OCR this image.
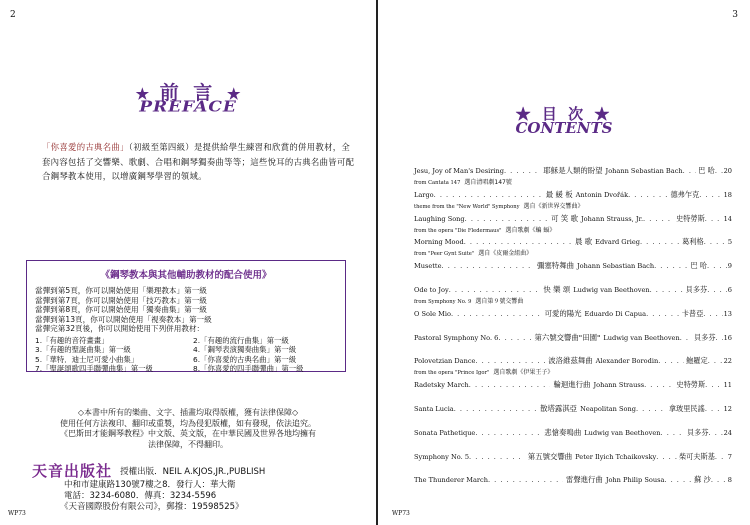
2
★ 前 言 ★
PREFACE
「你喜愛的古典名曲」（初級至第四級）是提供給學生練習和欣賞的併用教材，全
套內容包括了交響樂、歌劇、合唱和鋼琴獨奏曲等等；這些悅耳的古典名曲皆可配
合鋼琴教本使用，以增廣鋼琴學習的領域。
《鋼琴教本與其他輔助教材的配合使用》
當彈到第5頁，你可以開始使用「樂理教本」第一級
當彈到第7頁，你可以開始使用「技巧教本」第一級
當彈到第8頁，你可以開始使用「獨奏曲集」第一級
當彈到第13頁，你可以開始使用「視奏教本」第一級
當彈完第32頁後，你可以開始使用下列併用教材：
1.「有趣的音符畫畫」	2.「有趣的流行曲集」第一級
3.「有趣的聖誕曲集」第一級	4.「鋼琴表演獨奏曲集」第一級
5.「華特．迪士尼可愛小曲集」	6.「你喜愛的古典名曲」第一級
7.「聖誕頌歌四手聯彈曲集」第一級	8.「你喜愛的四手聯彈曲」第一級
◇本書中所有的樂曲、文字、插畫均取得版權，獲有法律保障◇
使用任何方法複印、翻印或重製，均為侵犯版權，如有發現，依法追究。
《巴斯田才能鋼琴教程》中文版、英文版，在中華民國及世界各地均擁有
法律保障，不得翻印。
天音出版社 授權出版．NEIL A.KJOS,JR.,PUBLISH
中和市建康路130號7樓之8．發行人：華大衛
電話：3234-6080．傳真：3234-5596
《天音國際股份有限公司》，郵撥：19598525》
WP73
3
★ 目 次 ★
CONTENTS
Jesu, Joy of Man's Desiring . . .	耶穌是人類的盼望 Johann Sebastian Bach . . . 巴 哈 . . . 20
from Cantata 147 選自清唱劇147號
Largo . . .	最 緩 板 Antonin Dvořák . . .	德弗乍克 . . .	18
theme from the "New World" Symphony 選自《新世界交響曲》
Laughing Song . . .	可 笑 歌 Johann Strauss, Jr. . . .	史特勞斯 . . .	14
from the opera "Die Fledermaus" 選自歌劇《蝙 蝠》
Morning Mood . . .	晨 歌 Edvard Grieg . . .	葛利格 . . .	5
from "Peer Gynt Suite" 選自《皮爾金組曲》
Musette . . .	彌塞特舞曲 Johann Sebastian Bach . . .	巴 哈 . . .	9
Ode to Joy . . .	快 樂 頌 Ludwig van Beethoven . . .	貝多芬 . . .	6
from Symphony No. 9 選自第９號交響曲
O Sole Mio . . .	可愛的陽光 Eduardo Di Capua . . .	卡普亞 . . .	13
Pastoral Symphony No. 6 . . .	第六號交響曲"田園" Ludwig van Beethoven . . . 貝多芬 . . . 16
Polovetzian Dance . . .	波洛維茲舞曲 Alexander Borodin . . .	鮑羅定 . . . 22
from the opera "Prince Igor" 選自歌劇《伊果王子》
Radetsky March . . .	輪迴進行曲 Johann Strauss . . .	史特勞斯 . . .	11
Santa Lucia . . .	散塔露淇亞 Neapolitan Song . . .	拿玻里民謠 . . .	12
Sonata Pathetique . . .	悲愴奏鳴曲 Ludwig van Beethoven . . .	貝多芬 . . . 24
Symphony No. 5 . . .	第五號交響曲 Peter Ilyich Tchaikovsky . . .	柴可夫斯基 . . . 7
The Thunderer March . . .	雷聲進行曲 John Philip Sousa . . .	蘇 沙 . . .	8
WP73
